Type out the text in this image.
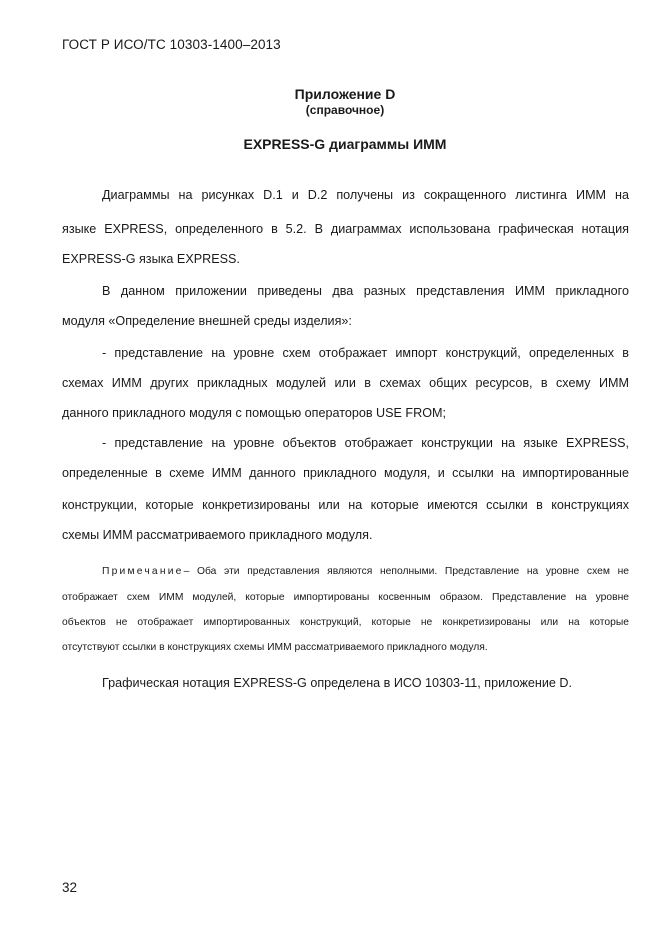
ГОСТ Р ИСО/ТС 10303-1400–2013
Приложение D
(справочное)
EXPRESS-G диаграммы ИММ
Диаграммы на рисунках D.1 и D.2 получены из сокращенного листинга ИММ на
языке EXPRESS, определенного в 5.2. В диаграммах использована графическая нотация
EXPRESS-G языка EXPRESS.
В данном приложении приведены два разных представления ИММ прикладного
модуля «Определение внешней среды изделия»:
- представление на уровне схем отображает импорт конструкций, определенных в
схемах ИММ других прикладных модулей или в схемах общих ресурсов, в схему ИММ
данного прикладного модуля с помощью операторов USE FROM;
- представление на уровне объектов отображает конструкции на языке EXPRESS,
определенные в схеме ИММ данного прикладного модуля, и ссылки на импортированные
конструкции, которые конкретизированы или на которые имеются ссылки в конструкциях
схемы ИММ рассматриваемого прикладного модуля.
Примечание – Оба эти представления являются неполными. Представление на уровне схем не
отображает схем ИММ модулей, которые импортированы косвенным образом. Представление на уровне
объектов не отображает импортированных конструкций, которые не конкретизированы или на которые
отсутствуют ссылки в конструкциях схемы ИММ рассматриваемого прикладного модуля.
Графическая нотация EXPRESS-G определена в ИСО 10303-11, приложение D.
32
